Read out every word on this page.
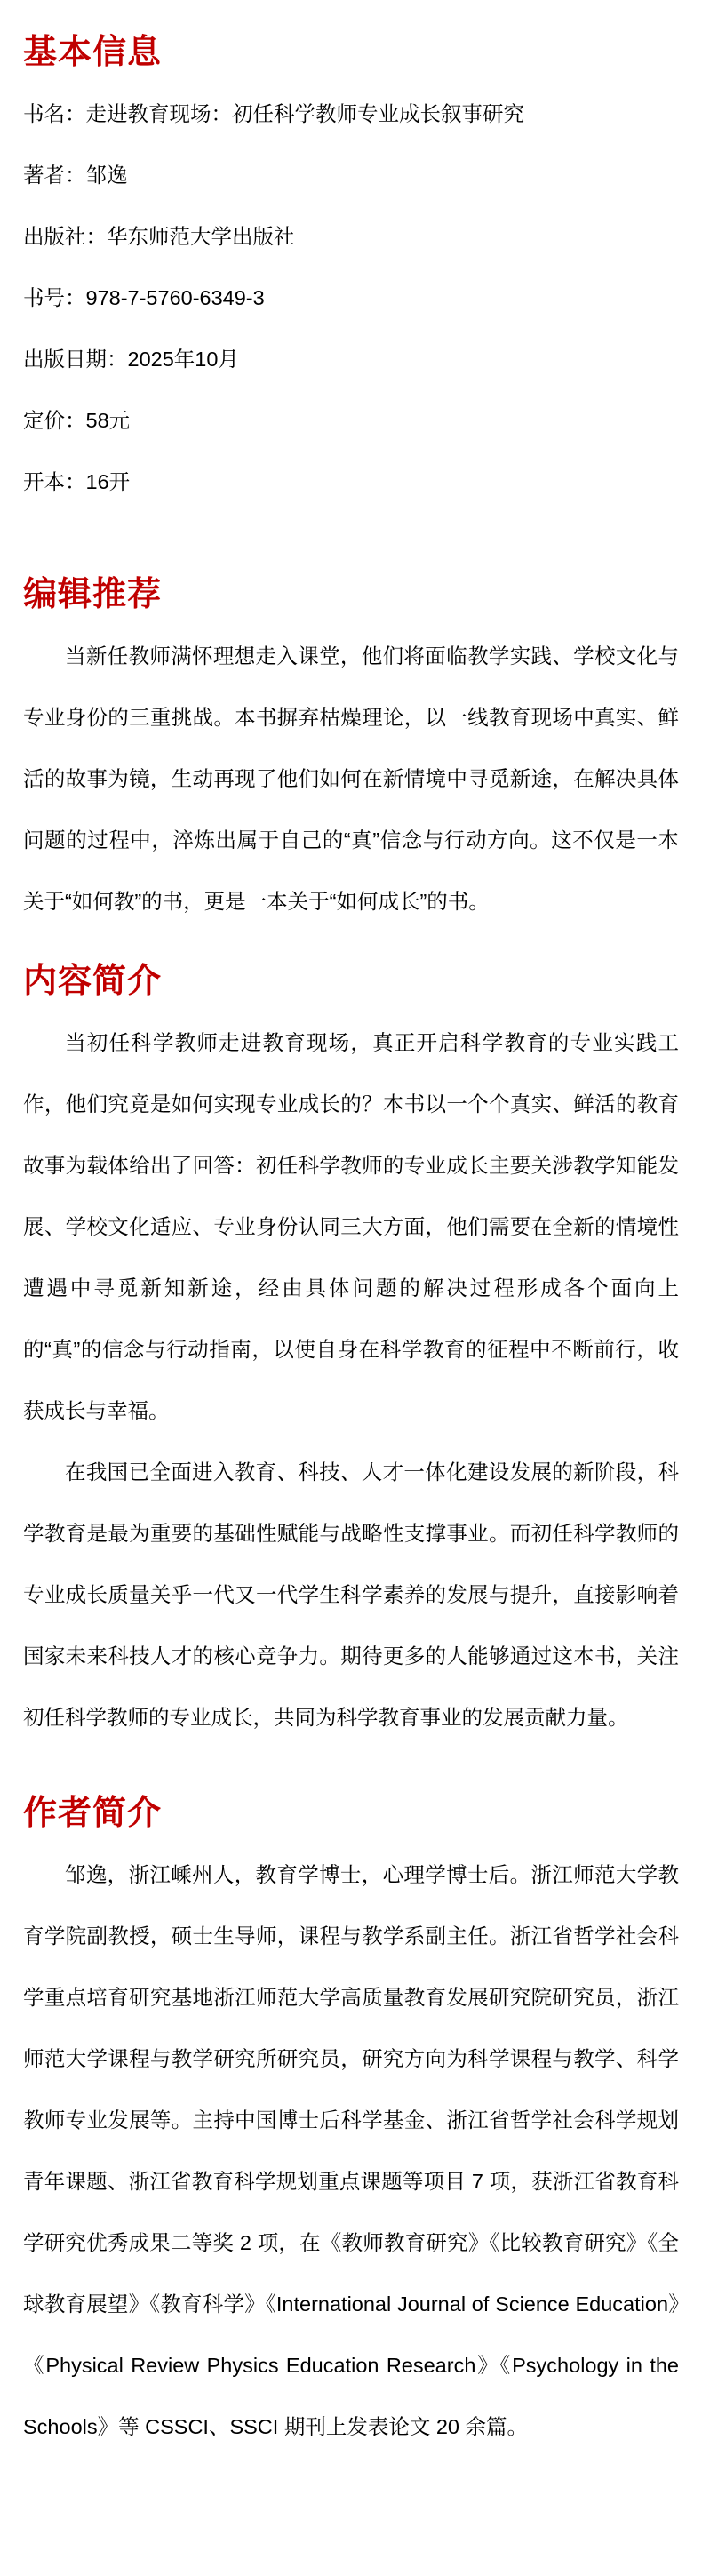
基本信息
书名：走进教育现场：初任科学教师专业成长叙事研究
著者：邹逸
出版社：华东师范大学出版社
书号：978-7-5760-6349-3
出版日期：2025年10月
定价：58元
开本：16开
编辑推荐

当新任教师满怀理想走入课堂，他们将面临教学实践、学校文化与专业身份的三重挑战。本书摒弃枯燥理论，以一线教育现场中真实、鲜活的故事为镜，生动再现了他们如何在新情境中寻觅新途，在解决具体问题的过程中，淬炼出属于自己的“真”信念与行动方向。这不仅是一本关于“如何教”的书，更是一本关于“如何成长”的书。

内容简介

当初任科学教师走进教育现场，真正开启科学教育的专业实践工作，他们究竟是如何实现专业成长的？本书以一个个真实、鲜活的教育故事为载体给出了回答：初任科学教师的专业成长主要关涉教学知能发展、学校文化适应、专业身份认同三大方面，他们需要在全新的情境性遭遇中寻觅新知新途，经由具体问题的解决过程形成各个面向上的“真”的信念与行动指南，以使自身在科学教育的征程中不断前行，收获成长与幸福。

在我国已全面进入教育、科技、人才一体化建设发展的新阶段，科学教育是最为重要的基础性赋能与战略性支撑事业。而初任科学教师的专业成长质量关乎一代又一代学生科学素养的发展与提升，直接影响着国家未来科技人才的核心竞争力。期待更多的人能够通过这本书，关注初任科学教师的专业成长，共同为科学教育事业的发展贡献力量。

作者简介

邹逸，浙江嵊州人，教育学博士，心理学博士后。浙江师范大学教育学院副教授，硕士生导师，课程与教学系副主任。浙江省哲学社会科学重点培育研究基地浙江师范大学高质量教育发展研究院研究员，浙江师范大学课程与教学研究所研究员，研究方向为科学课程与教学、科学教师专业发展等。主持中国博士后科学基金、浙江省哲学社会科学规划青年课题、浙江省教育科学规划重点课题等项目 7 项，获浙江省教育科学研究优秀成果二等奖 2 项，在《教师教育研究》《比较教育研究》《全球教育展望》《教育科学》《International Journal of Science Education》《Physical Review Physics Education Research》《Psychology in the Schools》等 CSSCI、SSCI 期刊上发表论文 20 余篇。
